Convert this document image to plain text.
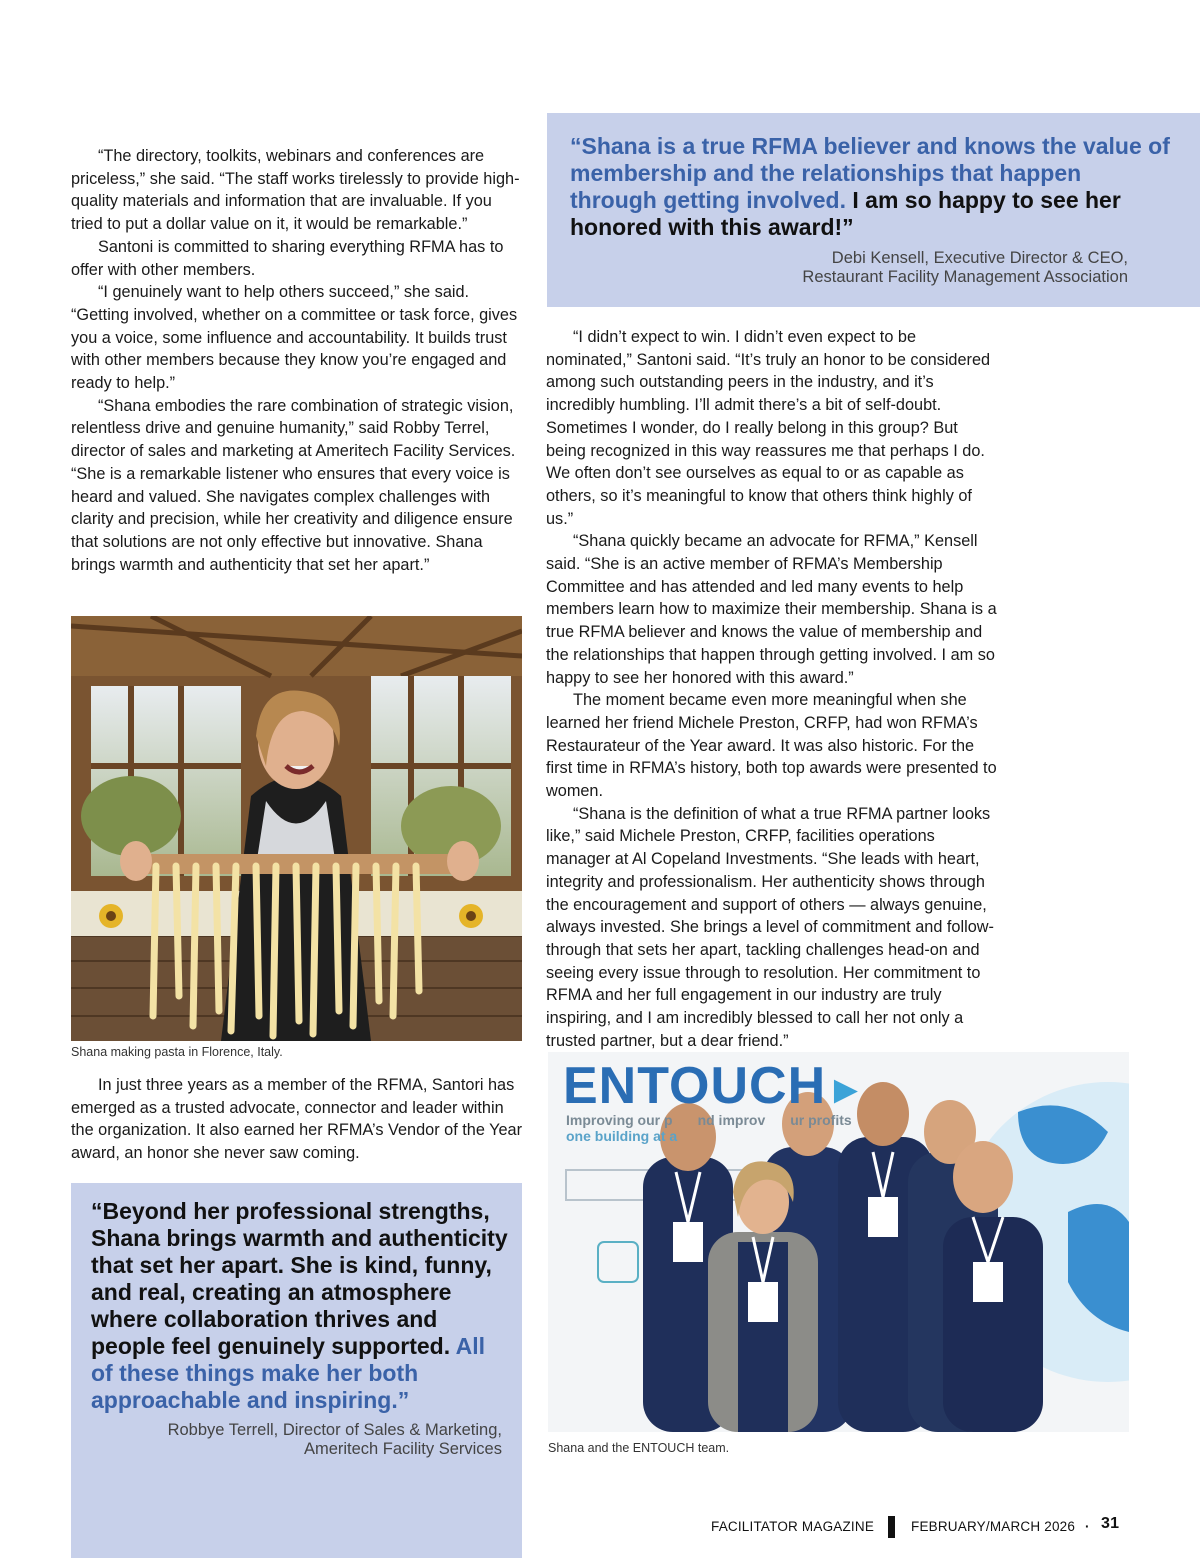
“The directory, toolkits, webinars and conferences are priceless,” she said. “The staff works tirelessly to provide high-quality materials and information that are invaluable. If you tried to put a dollar value on it, it would be remarkable.”

Santoni is committed to sharing everything RFMA has to offer with other members.

“I genuinely want to help others succeed,” she said. “Getting involved, whether on a committee or task force, gives you a voice, some influence and accountability. It builds trust with other members because they know you’re engaged and ready to help.”

“Shana embodies the rare combination of strategic vision, relentless drive and genuine humanity,” said Robby Terrel, director of sales and marketing at Ameritech Facility Services. “She is a remarkable listener who ensures that every voice is heard and valued. She navigates complex challenges with clarity and precision, while her creativity and diligence ensure that solutions are not only effective but innovative. Shana brings warmth and authenticity that set her apart.”

Shana making pasta in Florence, Italy.

In just three years as a member of the RFMA, Santori has emerged as a trusted advocate, connector and leader within the organization. It also earned her RFMA’s Vendor of the Year award, an honor she never saw coming.

“Beyond her professional strengths, Shana brings warmth and authenticity that set her apart. She is kind, funny, and real, creating an atmosphere where collaboration thrives and people feel genuinely supported. All of these things make her both approachable and inspiring.”
Robbye Terrell, Director of Sales & Marketing,
Ameritech Facility Services
“Shana is a true RFMA believer and knows the value of membership and the relationships that happen through getting involved. I am so happy to see her honored with this award!”
Debi Kensell, Executive Director & CEO,
Restaurant Facility Management Association

“I didn’t expect to win. I didn’t even expect to be nominated,” Santoni said. “It’s truly an honor to be considered among such outstanding peers in the industry, and it’s incredibly humbling. I’ll admit there’s a bit of self-doubt. Sometimes I wonder, do I really belong in this group? But being recognized in this way reassures me that perhaps I do. We often don’t see ourselves as equal to or as capable as others, so it’s meaningful to know that others think highly of us.”

“Shana quickly became an advocate for RFMA,” Kensell said. “She is an active member of RFMA’s Membership Committee and has attended and led many events to help members learn how to maximize their membership. Shana is a true RFMA believer and knows the value of membership and the relationships that happen through getting involved. I am so happy to see her honored with this award.”

The moment became even more meaningful when she learned her friend Michele Preston, CRFP, had won RFMA’s Restaurateur of the Year award. It was also historic. For the first time in RFMA’s history, both top awards were presented to women.

“Shana is the definition of what a true RFMA partner looks like,” said Michele Preston, CRFP, facilities operations manager at Al Copeland Investments. “She leads with heart, integrity and professionalism. Her authenticity shows through the encouragement and support of others — always genuine, always invested. She brings a level of commitment and follow-through that sets her apart, tackling challenges head-on and seeing every issue through to resolution. Her commitment to RFMA and her full engagement in our industry are truly inspiring, and I am incredibly blessed to call her not only a trusted partner, but a dear friend.”

ENTOUCH►
Improving our p nd improv ur profits
one building at a
Shana and the ENTOUCH team.
FACILITATOR MAGAZINE	FEBRUARY/MARCH 2026 · 31
